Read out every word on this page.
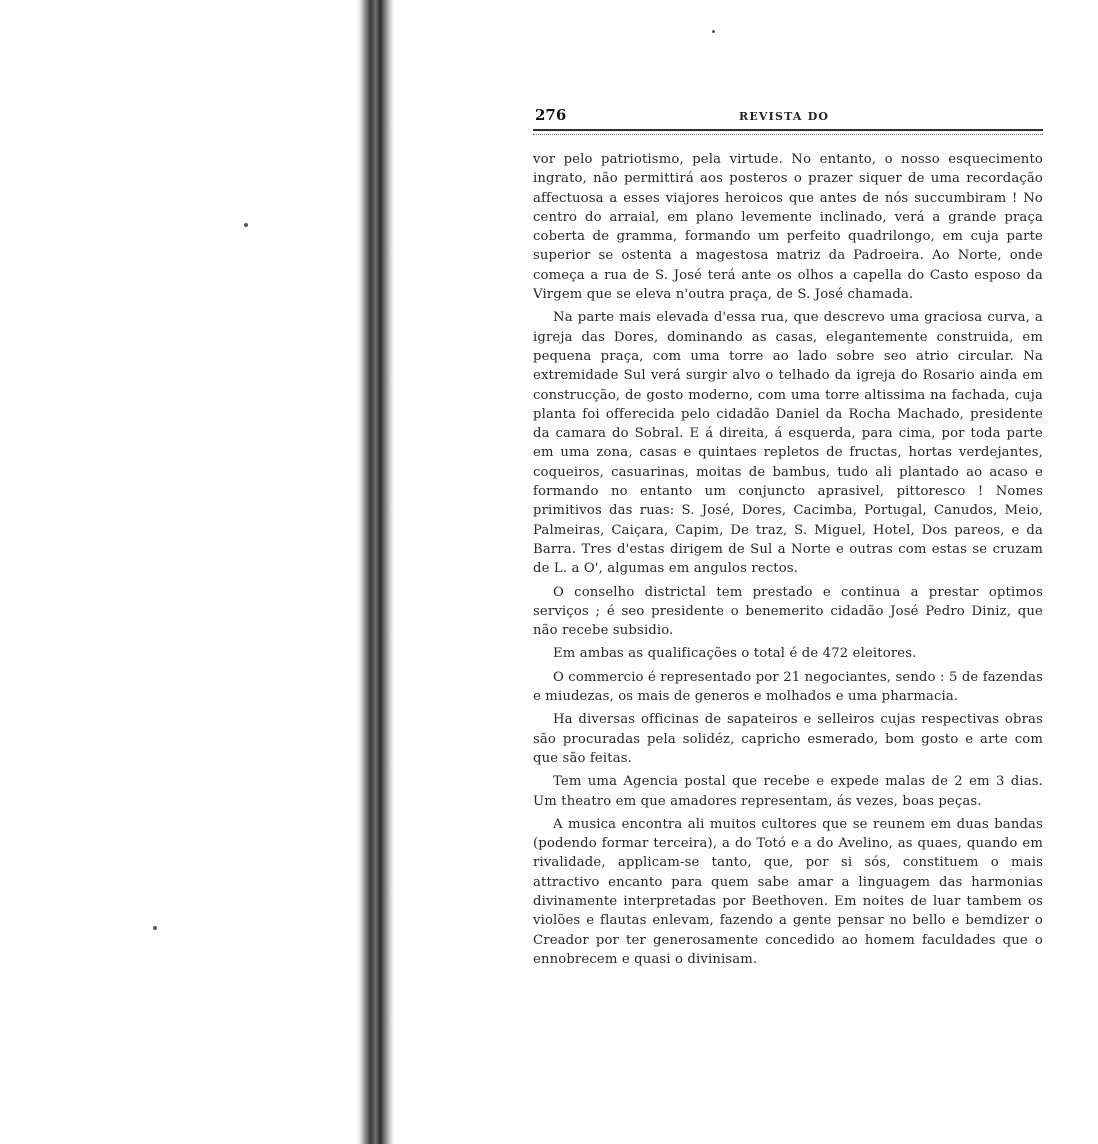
276	REVISTA DO

vor pelo patriotismo, pela virtude. No entanto, o nosso esquecimento ingrato, não permittirá aos posteros o prazer siquer de uma recordação affectuosa a esses viajores heroicos que antes de nós succumbiram ! No centro do arraial, em plano levemente inclinado, verá a grande praça coberta de gramma, formando um perfeito quadrilongo, em cuja parte superior se ostenta a magestosa matriz da Padroeira. Ao Norte, onde começa a rua de S. José terá ante os olhos a capella do Casto esposo da Virgem que se eleva n'outra praça, de S. José chamada.

Na parte mais elevada d'essa rua, que descrevo uma graciosa curva, a igreja das Dores, dominando as casas, elegantemente construida, em pequena praça, com uma torre ao lado sobre seo atrio circular. Na extremidade Sul verá surgir alvo o telhado da igreja do Rosario ainda em construcção, de gosto moderno, com uma torre altissima na fachada, cuja planta foi offerecida pelo cidadão Daniel da Rocha Machado, presidente da camara do Sobral. E á direita, á esquerda, para cima, por toda parte em uma zona, casas e quintaes repletos de fructas, hortas verdejantes, coqueiros, casuarinas, moitas de bambus, tudo ali plantado ao acaso e formando no entanto um conjuncto aprasivel, pittoresco ! Nomes primitivos das ruas: S. José, Dores, Cacimba, Portugal, Canudos, Meio, Palmeiras, Caiçara, Capim, De traz, S. Miguel, Hotel, Dos pareos, e da Barra. Tres d'estas dirigem de Sul a Norte e outras com estas se cruzam de L. a O', algumas em angulos rectos.

O conselho districtal tem prestado e continua a prestar optimos serviços ; é seo presidente o benemerito cidadão José Pedro Diniz, que não recebe subsidio.

Em ambas as qualificações o total é de 472 eleitores.

O commercio é representado por 21 negociantes, sendo : 5 de fazendas e miudezas, os mais de generos e molhados e uma pharmacia.

Ha diversas officinas de sapateiros e selleiros cujas respectivas obras são procuradas pela solidéz, capricho esmerado, bom gosto e arte com que são feitas.

Tem uma Agencia postal que recebe e expede malas de 2 em 3 dias. Um theatro em que amadores representam, ás vezes, boas peças.

A musica encontra ali muitos cultores que se reunem em duas bandas (podendo formar terceira), a do Totó e a do Avelino, as quaes, quando em rivalidade, applicam-se tanto, que, por si sós, constituem o mais attractivo encanto para quem sabe amar a linguagem das harmonias divinamente interpretadas por Beethoven. Em noites de luar tambem os violões e flautas enlevam, fazendo a gente pensar no bello e bemdizer o Creador por ter generosamente concedido ao homem faculdades que o ennobrecem e quasi o divinisam.
